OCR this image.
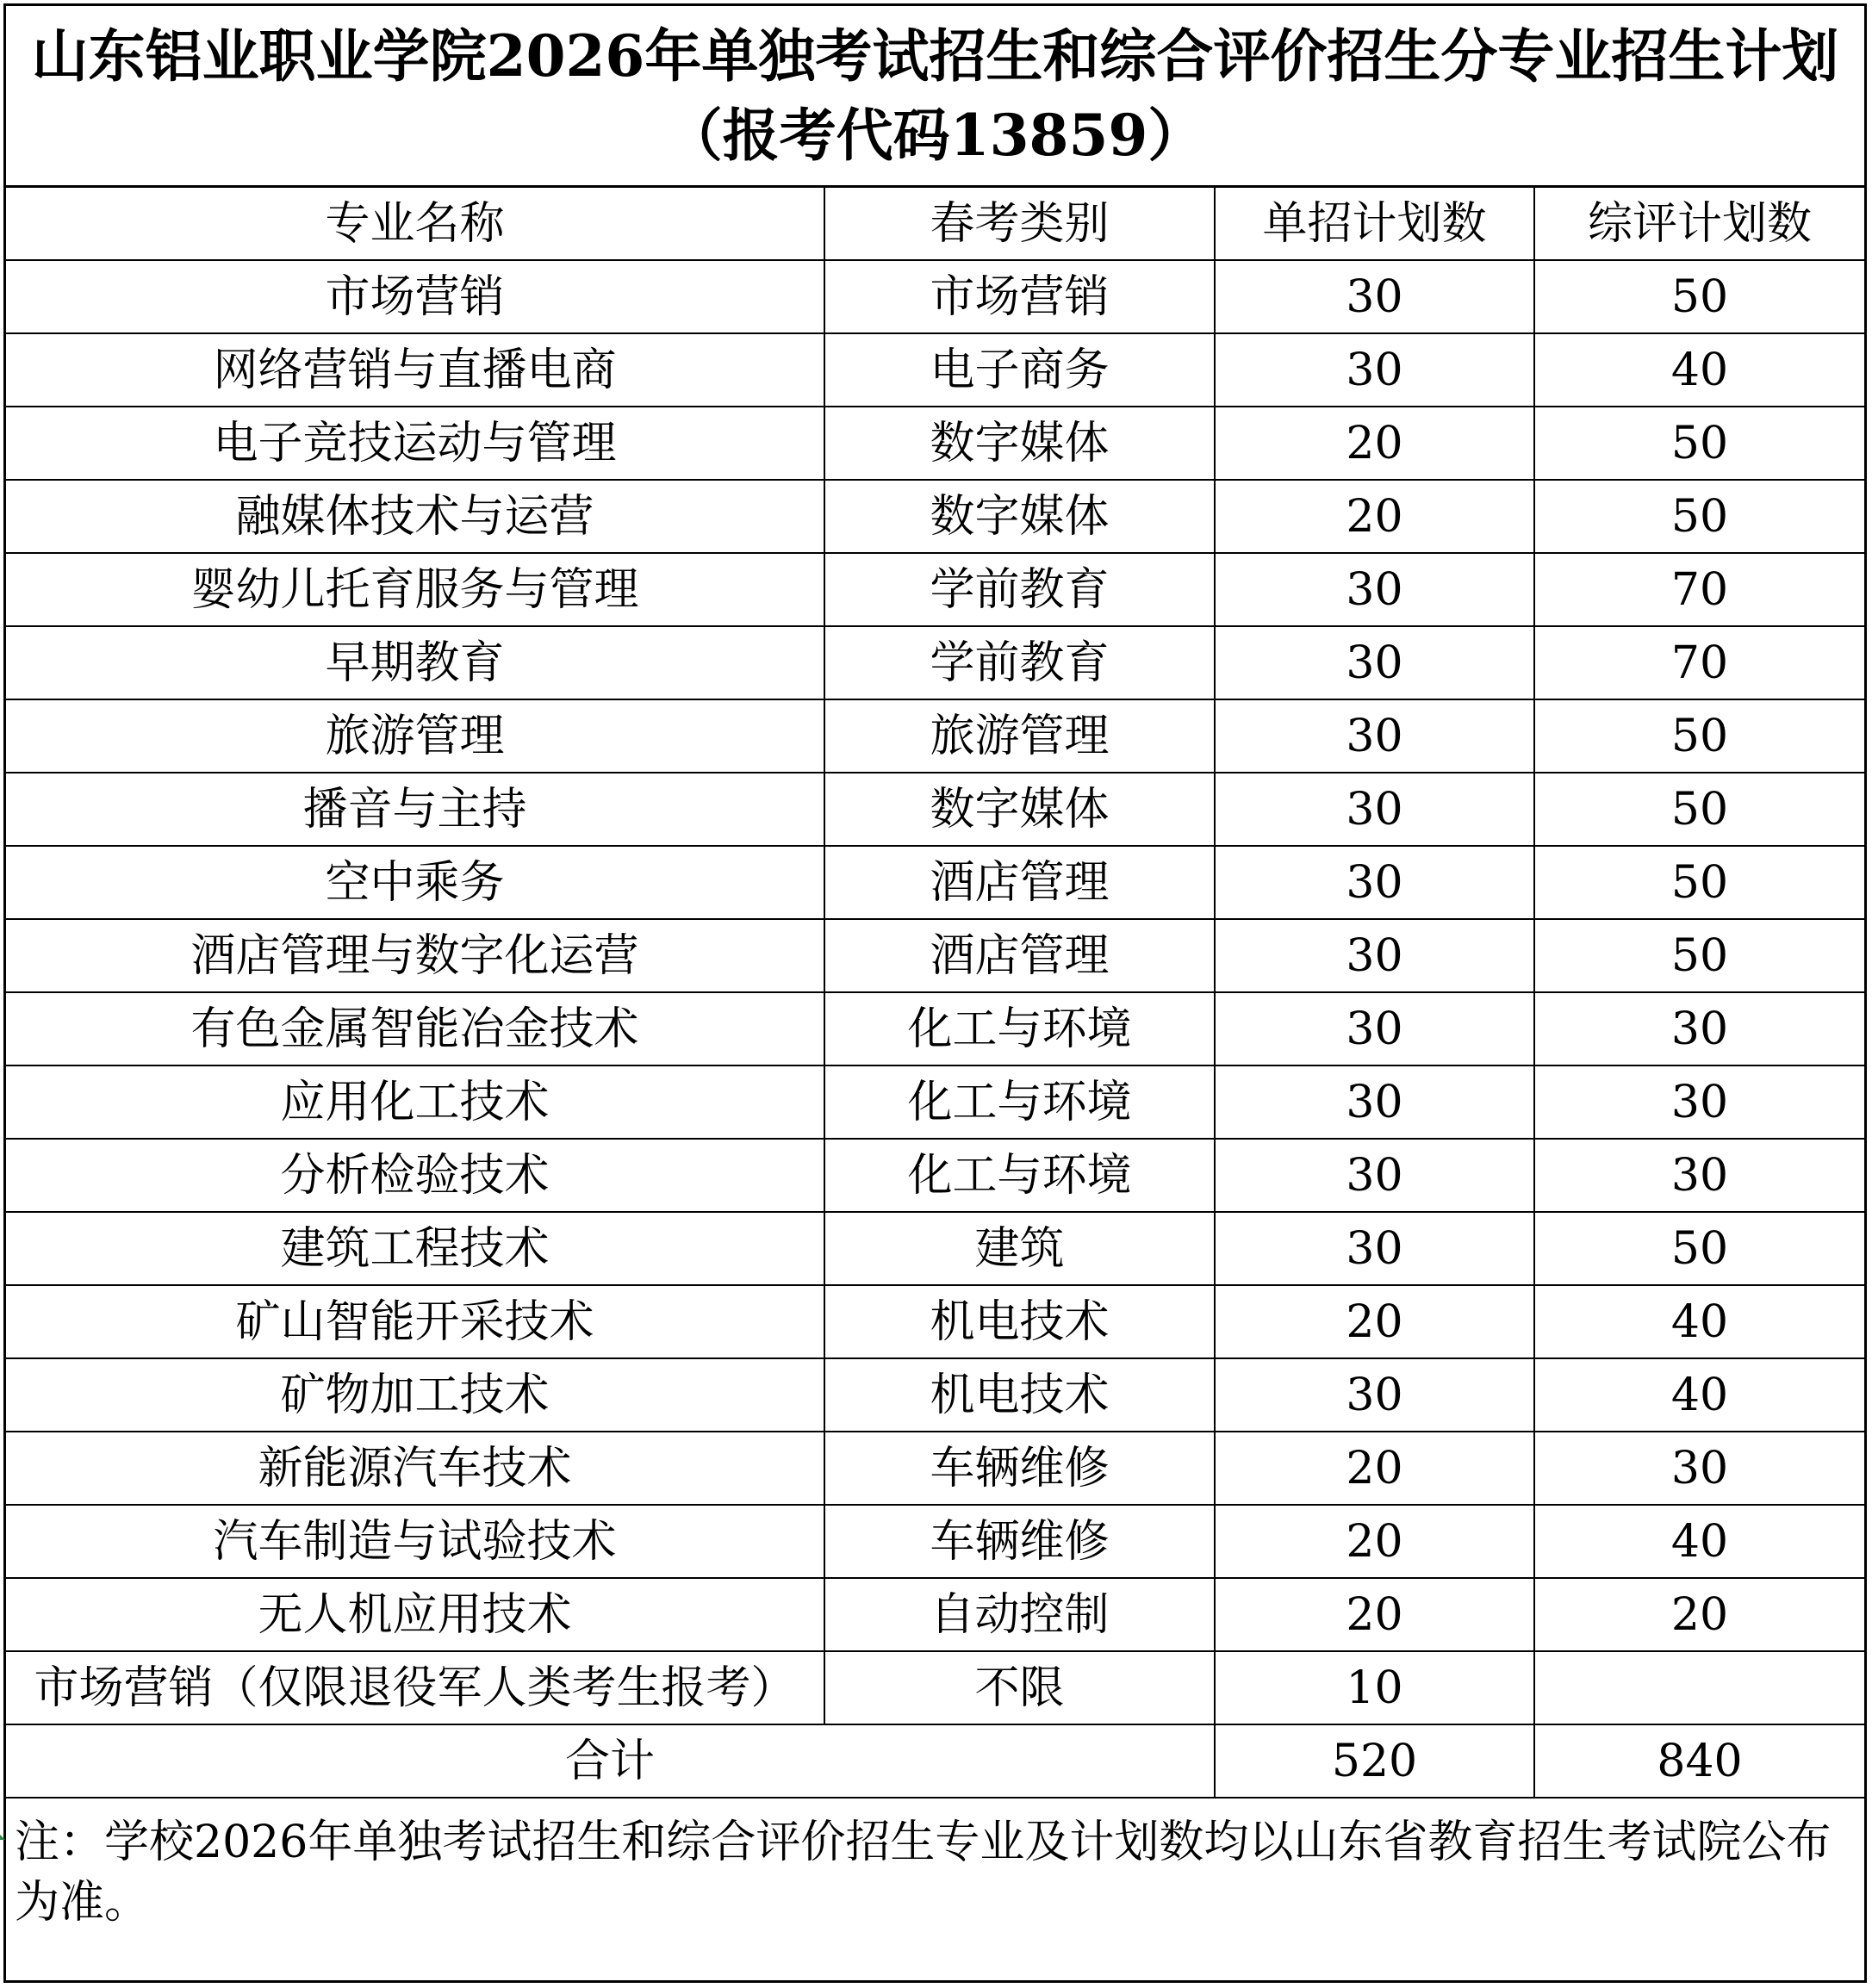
山东铝业职业学院2026年单独考试招生和综合评价招生分专业招生计划（报考代码13859）
专业名称	春考类别	单招计划数	综评计划数
市场营销	市场营销	30	50
网络营销与直播电商	电子商务	30	40
电子竞技运动与管理	数字媒体	20	50
融媒体技术与运营	数字媒体	20	50
婴幼儿托育服务与管理	学前教育	30	70
早期教育	学前教育	30	70
旅游管理	旅游管理	30	50
播音与主持	数字媒体	30	50
空中乘务	酒店管理	30	50
酒店管理与数字化运营	酒店管理	30	50
有色金属智能冶金技术	化工与环境	30	30
应用化工技术	化工与环境	30	30
分析检验技术	化工与环境	30	30
建筑工程技术	建筑	30	50
矿山智能开采技术	机电技术	20	40
矿物加工技术	机电技术	30	40
新能源汽车技术	车辆维修	20	30
汽车制造与试验技术	车辆维修	20	40
无人机应用技术	自动控制	20	20
市场营销（仅限退役军人类考生报考）	不限	10	
合计		520	840
注：学校2026年单独考试招生和综合评价招生专业及计划数均以山东省教育招生考试院公布为准。
